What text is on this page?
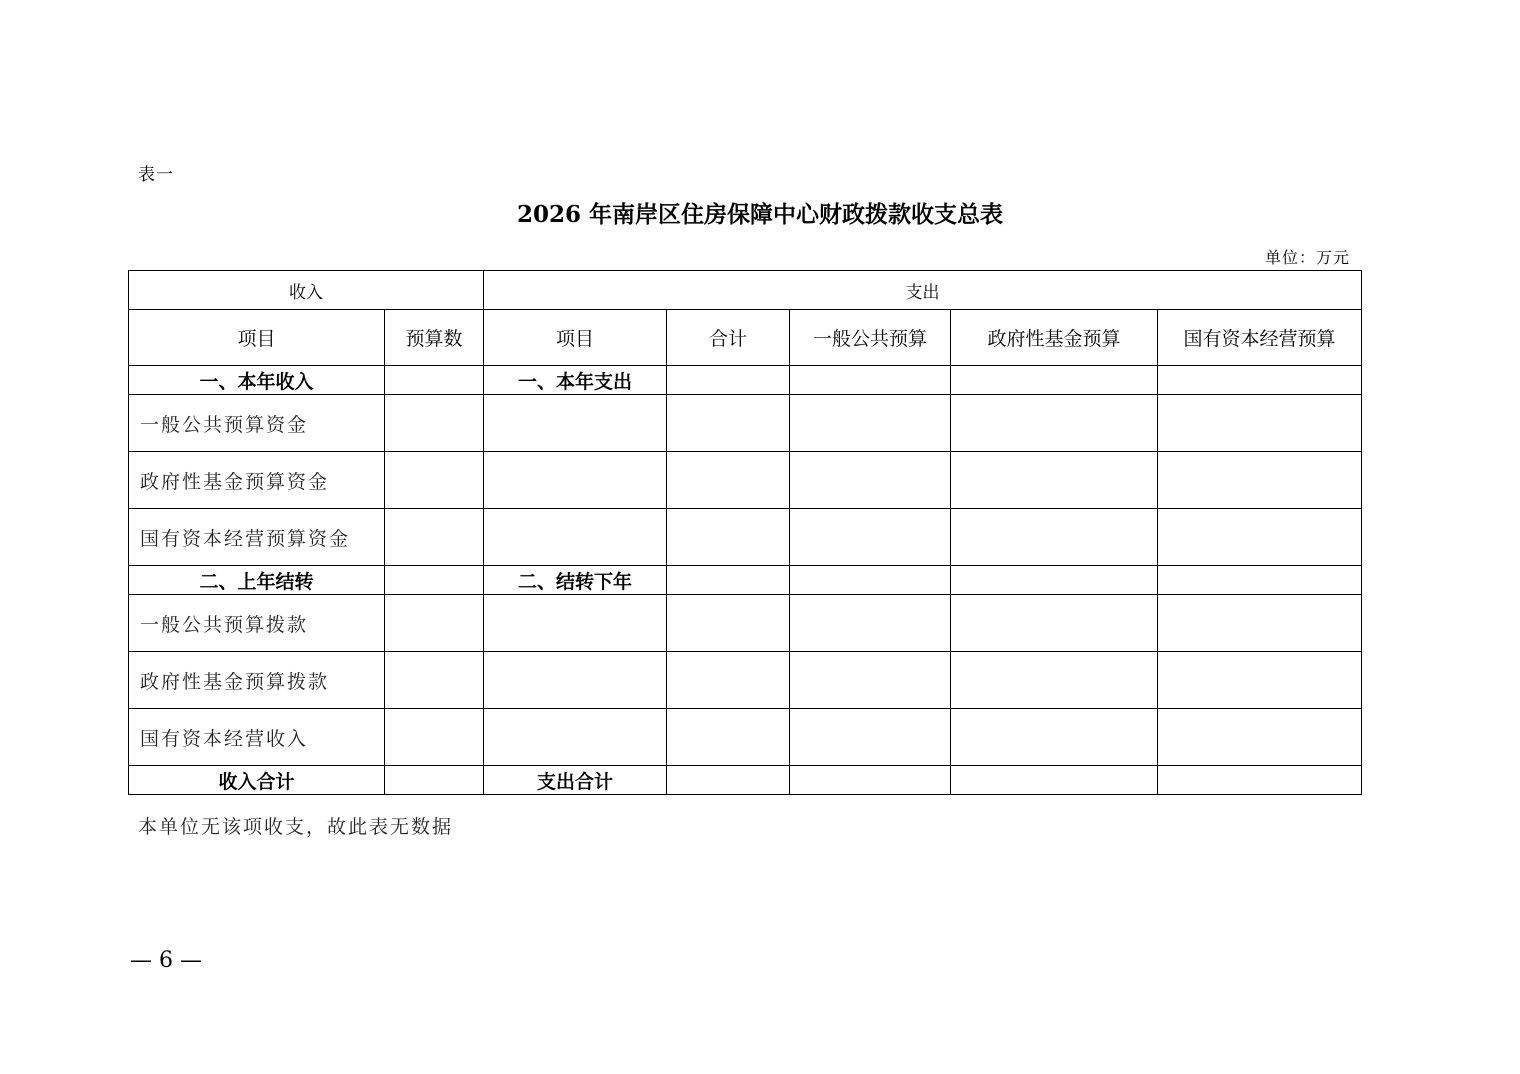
表一
2026 年南岸区住房保障中心财政拨款收支总表
单位：万元
收入		支出				
项目	预算数	项目	合计	一般公共预算	政府性基金预算	国有资本经营预算
一、本年收入		一、本年支出				
一般公共预算资金						
政府性基金预算资金						
国有资本经营预算资金						
二、上年结转		二、结转下年				
一般公共预算拨款						
政府性基金预算拨款						
国有资本经营收入						
收入合计		支出合计				
本单位无该项收支，故此表无数据
— 6 —
